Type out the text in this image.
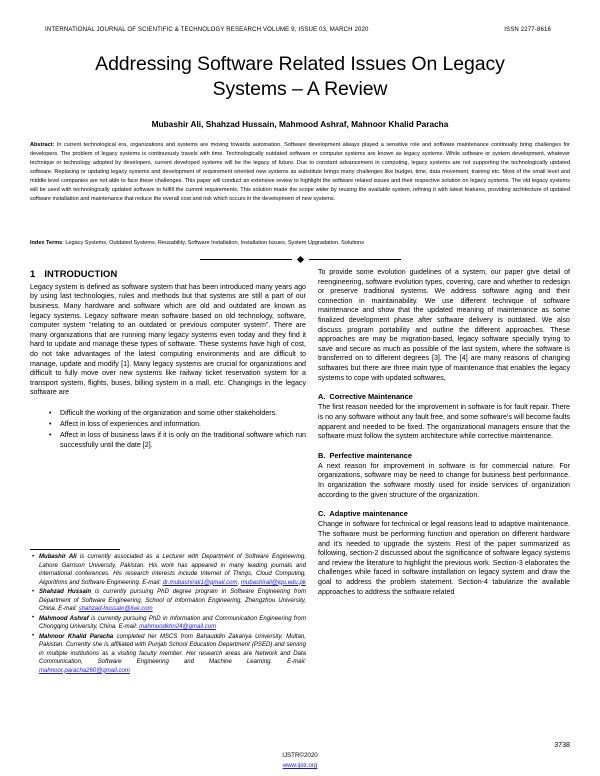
INTERNATIONAL JOURNAL OF SCIENTIFIC & TECHNOLOGY RESEARCH VOLUME 9, ISSUE 03, MARCH 2020	ISSN 2277-8616
Addressing Software Related Issues On Legacy Systems – A Review
Mubashir Ali, Shahzad Hussain, Mahmood Ashraf, Mahnoor Khalid Paracha
Abstract: In current technological era, organizations and systems are moving towards automation. Software development always played a sensitive role and software maintenance continually bring challenges for developers. The problem of legacy systems is continuously travels with time. Technologically outdated software or computer systems are known as legacy systems. While software or system development, whatever technique or technology adopted by developers, current developed systems will be the legacy of future. Due to constant advancement in computing, legacy systems are not supporting the technologically updated software. Replacing or updating legacy systems and development of requirement oriented new systems as substitute brings many challenges like budget, time, data movement, training etc. Most of the small level and middle level companies are not able to face these challenges. This paper will conduct an extensive review to highlight the software related issues and their respective solution on legacy systems. The old legacy systems will be used with technologically updated software to fulfill the current requirements. This solution made the scope wider by reusing the available system, refining it with latest features, providing architecture of updated software installation and maintenance that reduce the overall cost and risk which occurs in the development of new systems.
Index Terms: Legacy Systems, Outdated Systems, Reusability, Software Installation, Installation Issues, System Upgradation, Solutions
1 INTRODUCTION

Legacy system is defined as software system that has been introduced many years ago by using last technologies, rules and methods but that systems are still a part of our business. Many hardware and software which are old and outdated are known as legacy systems. Legacy software mean software based on old technology, software, computer system “relating to an outdated or previous computer system”. There are many organizations that are running many legacy systems even today and they find it hard to update and manage these types of software. These systems have high of cost, do not take advantages of the latest computing environments and are difficult to manage, update and modify [1]. Many legacy systems are crucial for organizations and difficult to fully move over new systems like railway ticket reservation system for a transport system, flights, buses, billing system in a mall, etc. Changings in the legacy software are

• Difficult the working of the organization and some other stakeholders.
• Affect in loss of experiences and information.
• Affect in loss of business laws if it is only on the traditional software which run successfully until the date [2].

To provide some evolution guidelines of a system, our paper give detail of reengineering, software evolution types, covering, care and whether to redesign or preserve traditional systems. We address software aging and their connection in maintainability. We use different technique of software maintenance and show that the updated meaning of maintenance as some finalized development phase after software delivery is outdated. We also discuss program portability and outline the different approaches. These approaches are may be migration-based, legacy software specially trying to save and secure as much as possible of the last system, where the software is transferred on to different degrees [3]. The [4] are many reasons of changing softwares but there are three main type of maintenance that enables the legacy systems to cope with updated softwares,

A. Corrective Maintenance

The first reason needed for the improvement in software is for fault repair. There is no any software without any fault free, and some software’s will become faults apparent and needed to be fixed. The organizational managers ensure that the software must follow the system architecture while corrective maintenance.

B. Perfective maintenance

A next reason for improvement in software is for commercial nature. For organizations, software may be need to change for business best performance. In organization the software mostly used for inside services of organization according to the given structure of the organization.

C. Adaptive maintenance

Change in software for technical or legal reasons lead to adaptive maintenance. The software must be performing function and operation on different hardware and it’s needed to upgrade the system. Rest of the paper summarized as following, section-2 discussed about the significance of software legacy systems and review the literature to highlight the previous work. Section-3 elaborates the challenges while faced in software installation on legacy system and draw the goal to address the problem statement. Section-4 tabularize the available approaches to address the software related

• Mubashir Ali is currently associated as a Lecturer with Department of Software Engineering, Lahore Garrison University, Pakistan. His work has appeared in many leading journals and international conferences. His research interests include Internet of Things, Cloud Computing, Algorithms and Software Engineering. E-mail: dr.mubashirali1@gmail.com, mubashirali@lgu.edu.pk
• Shahzad Hussain is currently pursuing PhD degree program in Software Engineering from Department of Software Engineering, School of Information Engineering, Zhengzhou University, China. E-mail: shahzad-hussain@live.com
• Mahmood Ashraf is currently pursuing PhD in Information and Communication Engineering from Chongqing University, China. E-mail: mahmoodkhn24@gmail.com
• Mahnoor Khalid Paracha completed her MSCS from Bahauddin Zakariya University, Multan, Pakistan. Currently she is affiliated with Punjab School Education Department (PSED) and serving in multiple institutions as a visiting faculty member. Her research areas are Network and Data Communication, Software Engineering and Machine Learning. E-mail: mahnoor.paracha260@gmail.com
3738
IJSTR©2020
www.ijstr.org
